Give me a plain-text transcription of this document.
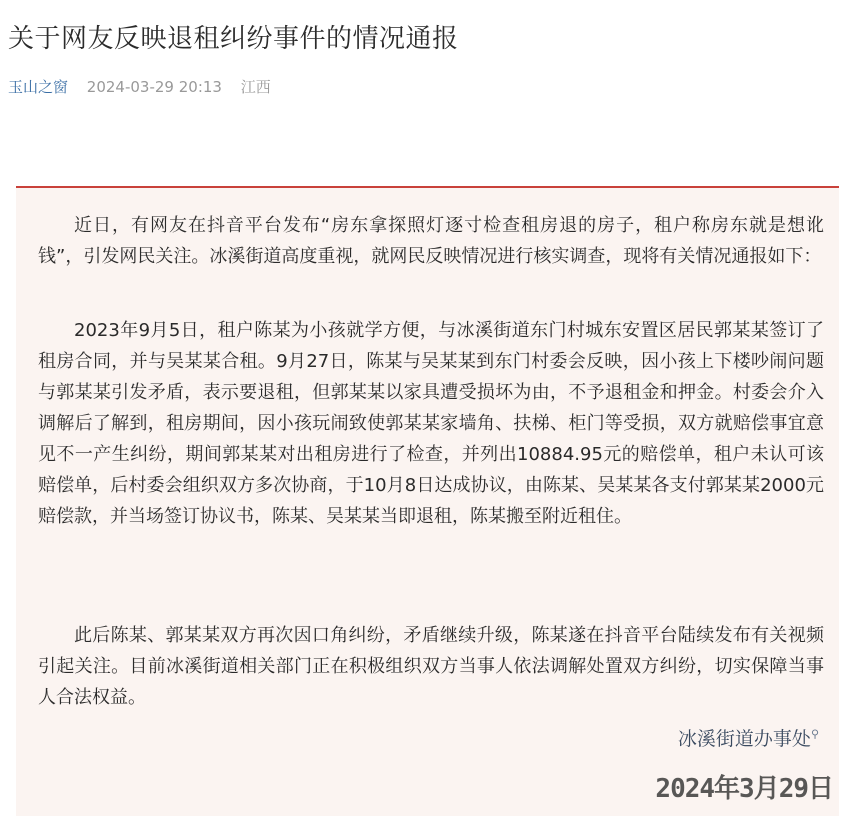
关于网友反映退租纠纷事件的情况通报
玉山之窗 2024-03-29 20:13 江西

近日，有网友在抖音平台发布“房东拿探照灯逐寸检查租房退的房子，租户称房东就是想讹钱”，引发网民关注。冰溪街道高度重视，就网民反映情况进行核实调查，现将有关情况通报如下：

2023年9月5日，租户陈某为小孩就学方便，与冰溪街道东门村城东安置区居民郭某某签订了租房合同，并与吴某某合租。9月27日，陈某与吴某某到东门村委会反映，因小孩上下楼吵闹问题与郭某某引发矛盾，表示要退租，但郭某某以家具遭受损坏为由，不予退租金和押金。村委会介入调解后了解到，租房期间，因小孩玩闹致使郭某某家墙角、扶梯、柜门等受损，双方就赔偿事宜意见不一产生纠纷，期间郭某某对出租房进行了检查，并列出10884.95元的赔偿单，租户未认可该赔偿单，后村委会组织双方多次协商，于10月8日达成协议，由陈某、吴某某各支付郭某某2000元赔偿款，并当场签订协议书，陈某、吴某某当即退租，陈某搬至附近租住。

此后陈某、郭某某双方再次因口角纠纷，矛盾继续升级，陈某遂在抖音平台陆续发布有关视频引起关注。目前冰溪街道相关部门正在积极组织双方当事人依法调解处置双方纠纷，切实保障当事人合法权益。

冰溪街道办事处⚲
2024年3月29日
